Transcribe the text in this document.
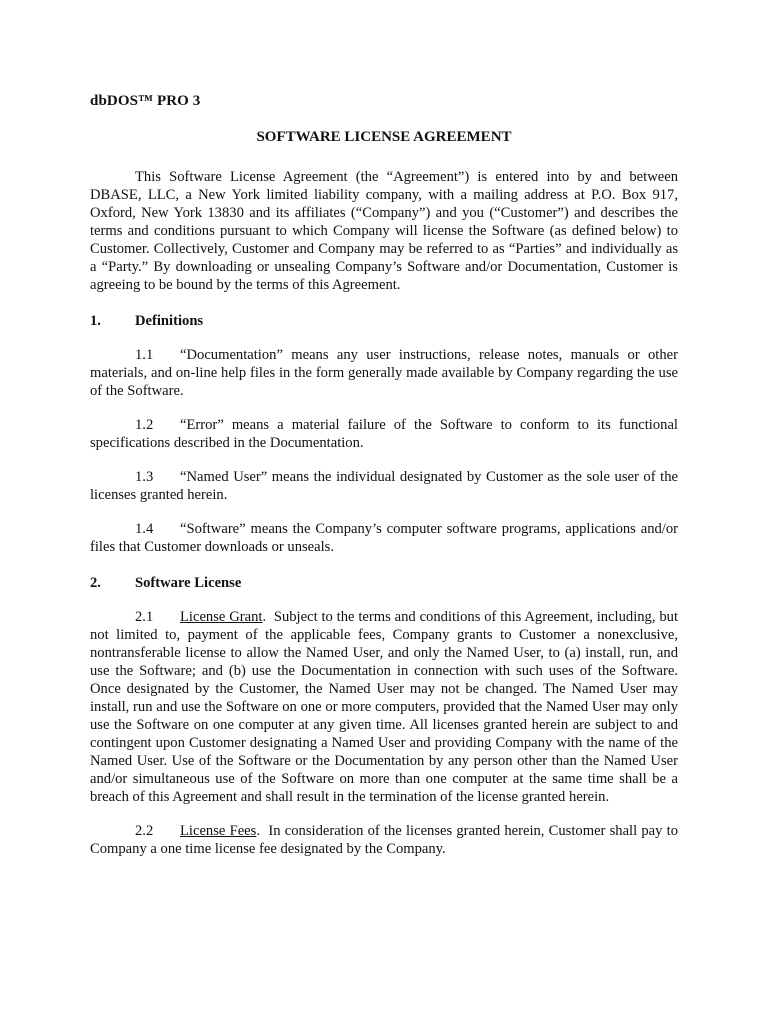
dbDOS™ PRO 3
SOFTWARE LICENSE AGREEMENT

This Software License Agreement (the “Agreement”) is entered into by and between DBASE, LLC, a New York limited liability company, with a mailing address at P.O. Box 917, Oxford, New York 13830 and its affiliates (“Company”) and you (“Customer”) and describes the terms and conditions pursuant to which Company will license the Software (as defined below) to Customer. Collectively, Customer and Company may be referred to as “Parties” and individually as a “Party.” By downloading or unsealing Company’s Software and/or Documentation, Customer is agreeing to be bound by the terms of this Agreement.

1.	Definitions

1.1 “Documentation” means any user instructions, release notes, manuals or other materials, and on-line help files in the form generally made available by Company regarding the use of the Software.

1.2 “Error” means a material failure of the Software to conform to its functional specifications described in the Documentation.

1.3 “Named User” means the individual designated by Customer as the sole user of the licenses granted herein.

1.4 “Software” means the Company’s computer software programs, applications and/or files that Customer downloads or unseals.

2.	Software License

2.1 License Grant.  Subject to the terms and conditions of this Agreement, including, but not limited to, payment of the applicable fees, Company grants to Customer a nonexclusive, nontransferable license to allow the Named User, and only the Named User, to (a) install, run, and use the Software; and (b) use the Documentation in connection with such uses of the Software. Once designated by the Customer, the Named User may not be changed. The Named User may install, run and use the Software on one or more computers, provided that the Named User may only use the Software on one computer at any given time. All licenses granted herein are subject to and contingent upon Customer designating a Named User and providing Company with the name of the Named User. Use of the Software or the Documentation by any person other than the Named User and/or simultaneous use of the Software on more than one computer at the same time shall be a breach of this Agreement and shall result in the termination of the license granted herein.

2.2 License Fees.  In consideration of the licenses granted herein, Customer shall pay to Company a one time license fee designated by the Company.
